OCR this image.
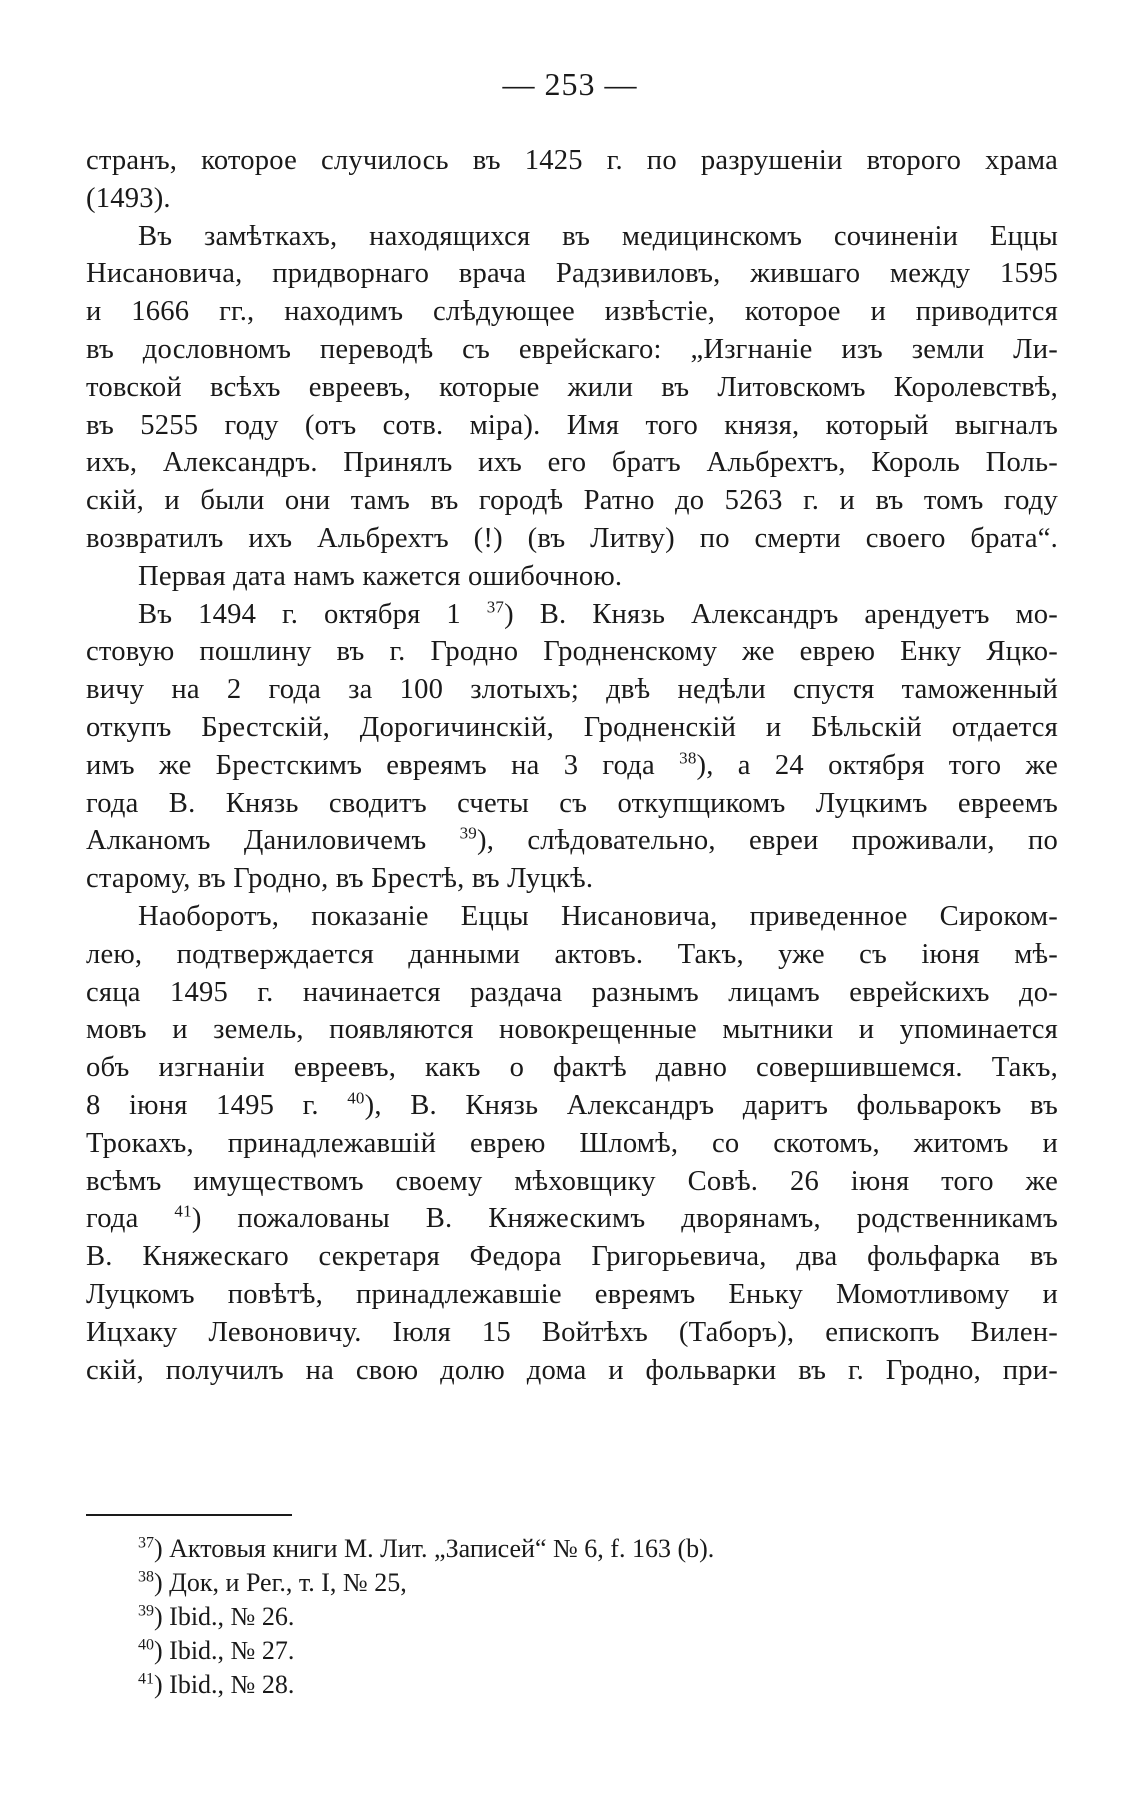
— 253 —
странъ, которое случилось въ 1425 г. по разрушеніи второго храма
(1493).
Въ замѣткахъ, находящихся въ медицинскомъ сочиненіи Еццы
Нисановича, придворнаго врача Радзивиловъ, жившаго между 1595
и 1666 гг., находимъ слѣдующее извѣстіе, которое и приводится
въ дословномъ переводѣ съ еврейскаго: „Изгнаніе изъ земли Ли-
товской всѣхъ евреевъ, которые жили въ Литовскомъ Королевствѣ,
въ 5255 году (отъ сотв. міра). Имя того князя, который выгналъ
ихъ, Александръ. Принялъ ихъ его братъ Альбрехтъ, Король Поль-
скій, и были они тамъ въ городѣ Ратно до 5263 г. и въ томъ году
возвратилъ ихъ Альбрехтъ (!) (въ Литву) по смерти своего брата“.
Первая дата намъ кажется ошибочною.
Въ 1494 г. октября 1 $^{37}$) В. Князь Александръ арендуетъ мо-
стовую пошлину въ г. Гродно Гродненскому же еврею Енку Яцко-
вичу на 2 года за 100 злотыхъ; двѣ недѣли спустя таможенный
откупъ Брестскій, Дорогичинскій, Гродненскій и Бѣльскій отдается
имъ же Брестскимъ евреямъ на 3 года $^{38}$), а 24 октября того же
года В. Князь сводитъ счеты съ откупщикомъ Луцкимъ евреемъ
Алканомъ Даниловичемъ $^{39}$), слѣдовательно, евреи проживали, по
старому, въ Гродно, въ Брестѣ, въ Луцкѣ.
Наоборотъ, показаніе Еццы Нисановича, приведенное Сироком-
лею, подтверждается данными актовъ. Такъ, уже съ іюня мѣ-
сяца 1495 г. начинается раздача разнымъ лицамъ еврейскихъ до-
мовъ и земель, появляются новокрещенные мытники и упоминается
объ изгнаніи евреевъ, какъ о фактѣ давно совершившемся. Такъ,
8 іюня 1495 г. $^{40}$), В. Князь Александръ даритъ фольварокъ въ
Трокахъ, принадлежавшій еврею Шломѣ, со скотомъ, житомъ и
всѣмъ имуществомъ своему мѣховщику Совѣ. 26 іюня того же
года $^{41}$) пожалованы В. Княжескимъ дворянамъ, родственникамъ
В. Княжескаго секретаря Федора Григорьевича, два фольфарка въ
Луцкомъ повѣтѣ, принадлежавшіе евреямъ Еньку Момотливому и
Ицхаку Левоновичу. Іюля 15 Войтѣхъ (Таборъ), епископъ Вилен-
скій, получилъ на свою долю дома и фольварки въ г. Гродно, при-
$^{37}$) Актовыя книги М. Лит. „Записей“ № 6, f. 163 (b).
$^{38}$) Док, и Рег., т. I, № 25,
$^{39}$) Ibid., № 26.
$^{40}$) Ibid., № 27.
$^{41}$) Ibid., № 28.
